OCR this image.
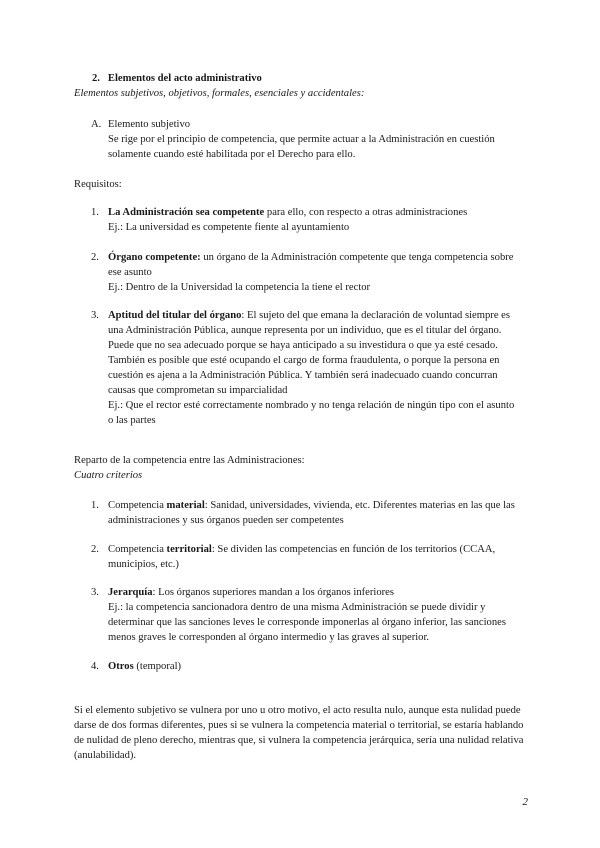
2. Elementos del acto administrativo
Elementos subjetivos, objetivos, formales, esenciales y accidentales:
A. Elemento subjetivo
Se rige por el principio de competencia, que permite actuar a la Administración en cuestión solamente cuando esté habilitada por el Derecho para ello.
Requisitos:
1. La Administración sea competente para ello, con respecto a otras administraciones
Ej.: La universidad es competente fiente al ayuntamiento
2. Órgano competente: un órgano de la Administración competente que tenga competencia sobre ese asunto
Ej.: Dentro de la Universidad la competencia la tiene el rector
3. Aptitud del titular del órgano: El sujeto del que emana la declaración de voluntad siempre es una Administración Pública, aunque representa por un individuo, que es el titular del órgano. Puede que no sea adecuado porque se haya anticipado a su investidura o que ya esté cesado. También es posible que esté ocupando el cargo de forma fraudulenta, o porque la persona en cuestión es ajena a la Administración Pública. Y también será inadecuado cuando concurran causas que comprometan su imparcialidad
Ej.: Que el rector esté correctamente nombrado y no tenga relación de ningún tipo con el asunto o las partes
Reparto de la competencia entre las Administraciones:
Cuatro criterios
1. Competencia material: Sanidad, universidades, vivienda, etc. Diferentes materias en las que las administraciones y sus órganos pueden ser competentes
2. Competencia territorial: Se dividen las competencias en función de los territorios (CCAA, municipios, etc.)
3. Jerarquía: Los órganos superiores mandan a los órganos inferiores
Ej.: la competencia sancionadora dentro de una misma Administración se puede dividir y determinar que las sanciones leves le corresponde imponerlas al órgano inferior, las sanciones menos graves le corresponden al órgano intermedio y las graves al superior.
4. Otros (temporal)
Si el elemento subjetivo se vulnera por uno u otro motivo, el acto resulta nulo, aunque esta nulidad puede darse de dos formas diferentes, pues si se vulnera la competencia material o territorial, se estaría hablando de nulidad de pleno derecho, mientras que, si vulnera la competencia jerárquica, sería una nulidad relativa (anulabilidad).
2
